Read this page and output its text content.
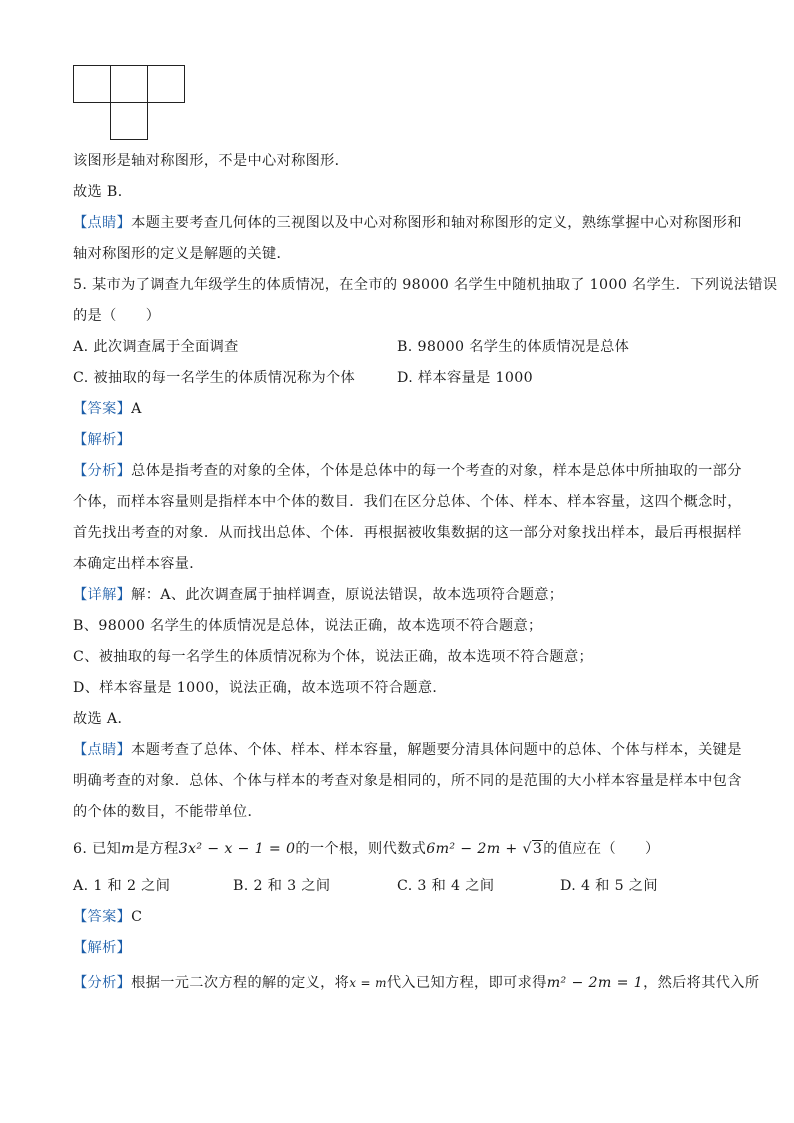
该图形是轴对称图形，不是中心对称图形．
故选 B．
【点睛】本题主要考查几何体的三视图以及中心对称图形和轴对称图形的定义，熟练掌握中心对称图形和
轴对称图形的定义是解题的关键．
5. 某市为了调查九年级学生的体质情况，在全市的 98000 名学生中随机抽取了 1000 名学生．下列说法错误
的是（　　）
A. 此次调查属于全面调查	B. 98000 名学生的体质情况是总体
C. 被抽取的每一名学生的体质情况称为个体	D. 样本容量是 1000
【答案】A
【解析】
【分析】总体是指考查的对象的全体，个体是总体中的每一个考查的对象，样本是总体中所抽取的一部分
个体，而样本容量则是指样本中个体的数目．我们在区分总体、个体、样本、样本容量，这四个概念时，
首先找出考查的对象．从而找出总体、个体．再根据被收集数据的这一部分对象找出样本，最后再根据样
本确定出样本容量．
【详解】解：A、此次调查属于抽样调查，原说法错误，故本选项符合题意；
B、98000 名学生的体质情况是总体，说法正确，故本选项不符合题意；
C、被抽取的每一名学生的体质情况称为个体，说法正确，故本选项不符合题意；
D、样本容量是 1000，说法正确，故本选项不符合题意．
故选 A．
【点睛】本题考查了总体、个体、样本、样本容量，解题要分清具体问题中的总体、个体与样本，关键是
明确考查的对象．总体、个体与样本的考查对象是相同的，所不同的是范围的大小样本容量是样本中包含
的个体的数目，不能带单位．
6. 已知m是方程3x² − x − 1 = 0的一个根，则代数式6m² − 2m + √3的值应在（　　）
A. 1 和 2 之间	B. 2 和 3 之间	C. 3 和 4 之间	D. 4 和 5 之间
【答案】C
【解析】
【分析】根据一元二次方程的解的定义，将x = m代入已知方程，即可求得m² − 2m = 1，然后将其代入所
